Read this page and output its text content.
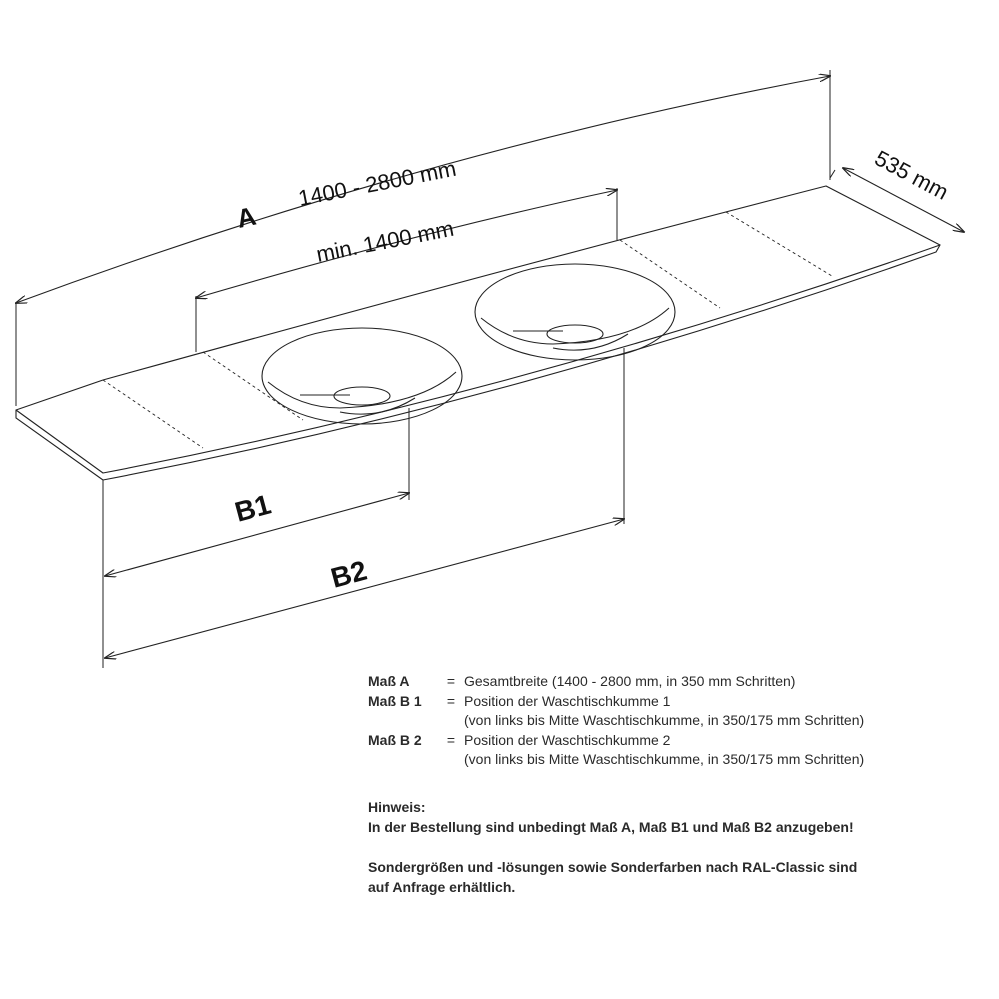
A
1400 - 2800 mm
min. 1400 mm
535 mm
B1
B2
Maß A	= Gesamtbreite (1400 - 2800 mm, in 350 mm Schritten)
Maß B 1	= Position der Waschtischkumme 1
(von links bis Mitte Waschtischkumme, in 350/175 mm Schritten)
Maß B 2	= Position der Waschtischkumme 2
(von links bis Mitte Waschtischkumme, in 350/175 mm Schritten)

Hinweis:

In der Bestellung sind unbedingt Maß A, Maß B1 und Maß B2 anzugeben!

Sondergrößen und -lösungen sowie Sonderfarben nach RAL-Classic sind

auf Anfrage erhältlich.
